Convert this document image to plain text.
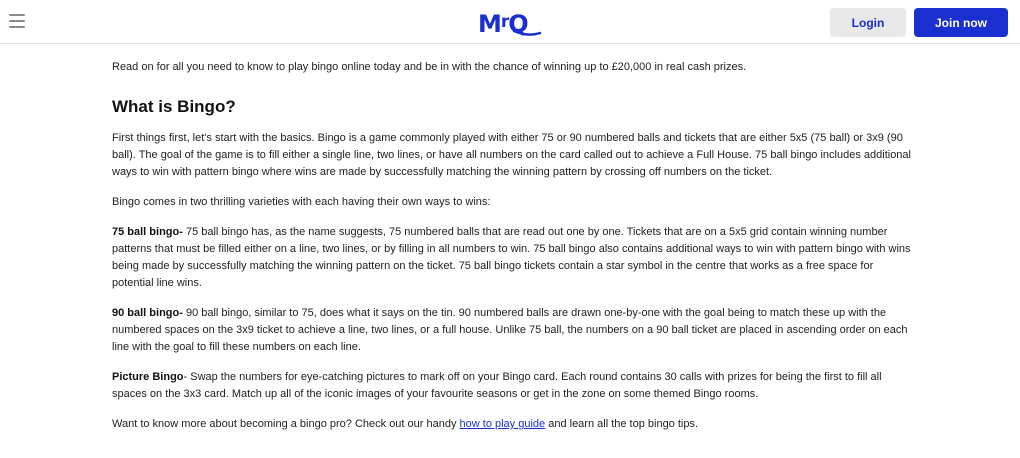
Read on for all you need to know to play bingo online today and be in with the chance of winning up to £20,000 in real cash prizes.

What is Bingo?

First things first, let's start with the basics. Bingo is a game commonly played with either 75 or 90 numbered balls and tickets that are either 5x5 (75 ball) or 3x9 (90 ball). The goal of the game is to fill either a single line, two lines, or have all numbers on the card called out to achieve a Full House. 75 ball bingo includes additional ways to win with pattern bingo where wins are made by successfully matching the winning pattern by crossing off numbers on the ticket.

Bingo comes in two thrilling varieties with each having their own ways to wins:

75 ball bingo- 75 ball bingo has, as the name suggests, 75 numbered balls that are read out one by one. Tickets that are on a 5x5 grid contain winning number patterns that must be filled either on a line, two lines, or by filling in all numbers to win. 75 ball bingo also contains additional ways to win with pattern bingo with wins being made by successfully matching the winning pattern on the ticket. 75 ball bingo tickets contain a star symbol in the centre that works as a free space for potential line wins.

90 ball bingo- 90 ball bingo, similar to 75, does what it says on the tin. 90 numbered balls are drawn one-by-one with the goal being to match these up with the numbered spaces on the 3x9 ticket to achieve a line, two lines, or a full house. Unlike 75 ball, the numbers on a 90 ball ticket are placed in ascending order on each line with the goal to fill these numbers on each line.

Picture Bingo- Swap the numbers for eye-catching pictures to mark off on your Bingo card. Each round contains 30 calls with prizes for being the first to fill all spaces on the 3x3 card. Match up all of the iconic images of your favourite seasons or get in the zone on some themed Bingo rooms.

Want to know more about becoming a bingo pro? Check out our handy how to play guide and learn all the top bingo tips.

$M^rQ$	Login	Join now
